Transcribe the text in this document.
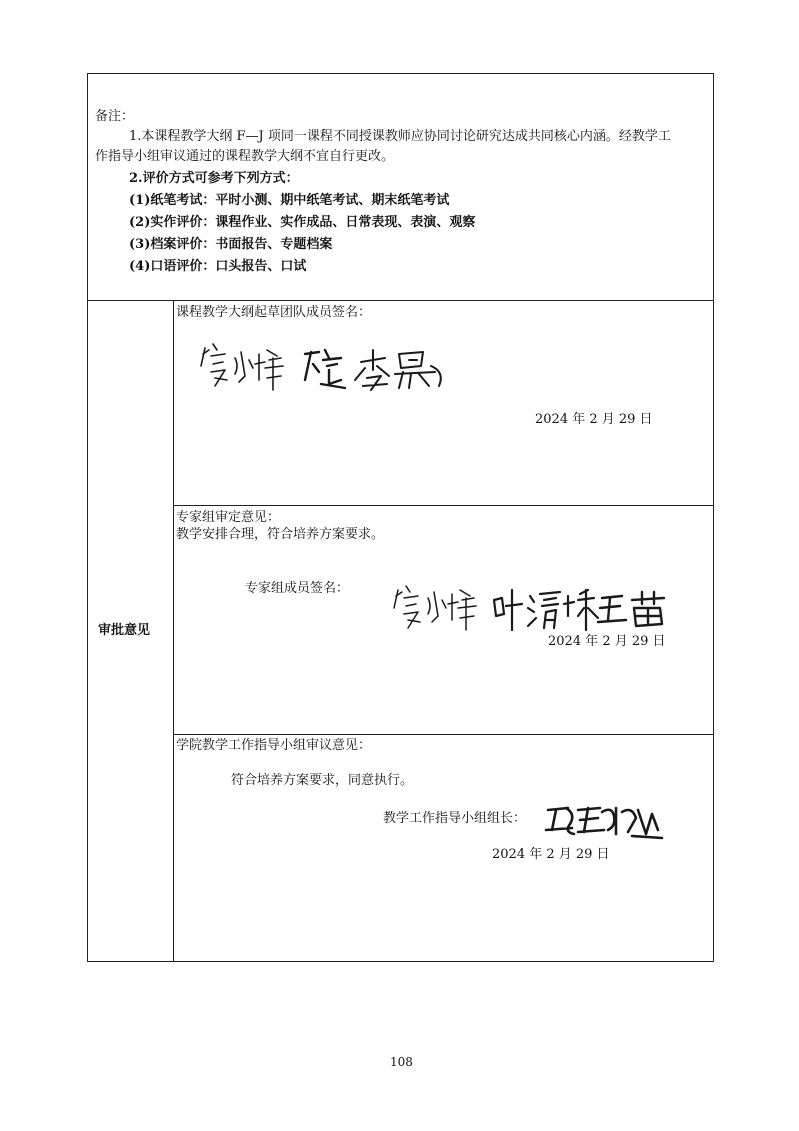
备注：
1.本课程教学大纲 F—J 项同一课程不同授课教师应协同讨论研究达成共同核心内涵。经教学工
作指导小组审议通过的课程教学大纲不宜自行更改。
2.评价方式可参考下列方式：
(1)纸笔考试：平时小测、期中纸笔考试、期末纸笔考试
(2)实作评价：课程作业、实作成品、日常表现、表演、观察
(3)档案评价：书面报告、专题档案
(4)口语评价：口头报告、口试
审批意见
课程教学大纲起草团队成员签名：
2024 年 2 月 29 日
专家组审定意见：
教学安排合理，符合培养方案要求。
专家组成员签名：
2024 年 2 月 29 日
学院教学工作指导小组审议意见：
符合培养方案要求，同意执行。
教学工作指导小组组长：
2024 年 2 月 29 日
108
